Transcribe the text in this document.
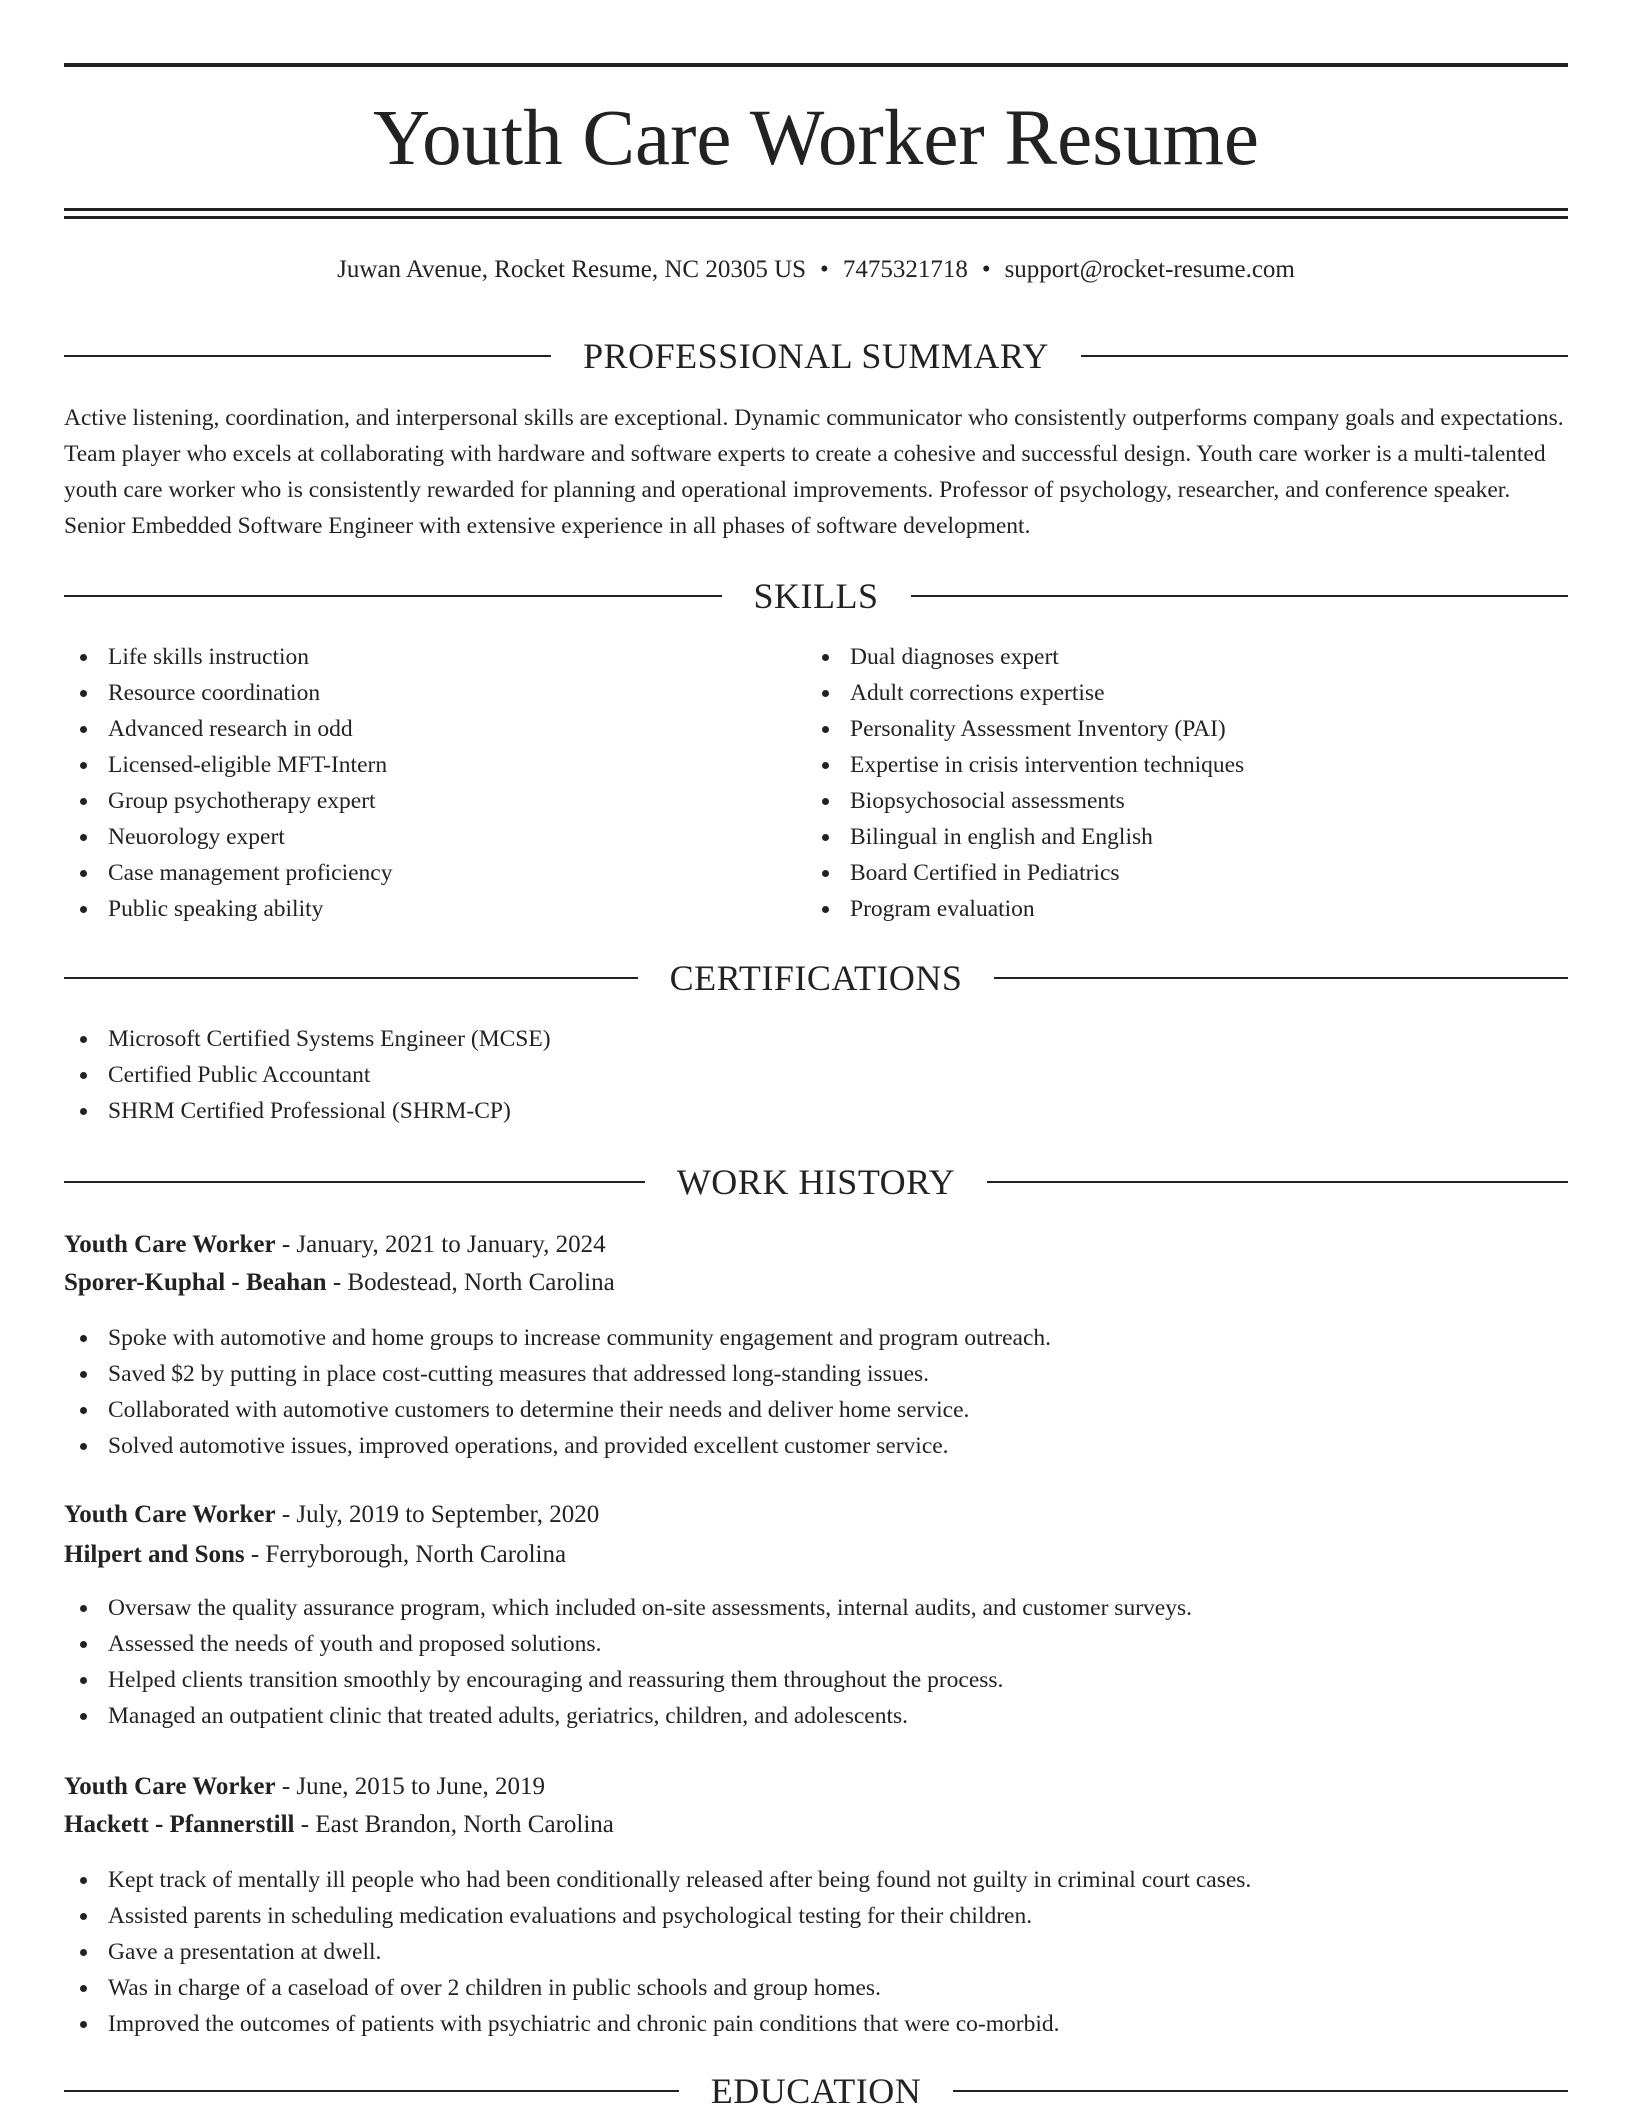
Youth Care Worker Resume
Juwan Avenue, Rocket Resume, NC 20305 US • 7475321718 • support@rocket-resume.com
PROFESSIONAL SUMMARY

Active listening, coordination, and interpersonal skills are exceptional. Dynamic communicator who consistently outperforms company goals and expectations. Team player who excels at collaborating with hardware and software experts to create a cohesive and successful design. Youth care worker is a multi-talented youth care worker who is consistently rewarded for planning and operational improvements. Professor of psychology, researcher, and conference speaker. Senior Embedded Software Engineer with extensive experience in all phases of software development.

SKILLS
Life skills instruction
Resource coordination
Advanced research in odd
Licensed-eligible MFT-Intern
Group psychotherapy expert
Neuorology expert
Case management proficiency
Public speaking ability
Dual diagnoses expert
Adult corrections expertise
Personality Assessment Inventory (PAI)
Expertise in crisis intervention techniques
Biopsychosocial assessments
Bilingual in english and English
Board Certified in Pediatrics
Program evaluation
CERTIFICATIONS
Microsoft Certified Systems Engineer (MCSE)
Certified Public Accountant
SHRM Certified Professional (SHRM-CP)
WORK HISTORY
Youth Care Worker - January, 2021 to January, 2024
Sporer-Kuphal - Beahan - Bodestead, North Carolina
Spoke with automotive and home groups to increase community engagement and program outreach.
Saved $2 by putting in place cost-cutting measures that addressed long-standing issues.
Collaborated with automotive customers to determine their needs and deliver home service.
Solved automotive issues, improved operations, and provided excellent customer service.
Youth Care Worker - July, 2019 to September, 2020
Hilpert and Sons - Ferryborough, North Carolina
Oversaw the quality assurance program, which included on-site assessments, internal audits, and customer surveys.
Assessed the needs of youth and proposed solutions.
Helped clients transition smoothly by encouraging and reassuring them throughout the process.
Managed an outpatient clinic that treated adults, geriatrics, children, and adolescents.
Youth Care Worker - June, 2015 to June, 2019
Hackett - Pfannerstill - East Brandon, North Carolina
Kept track of mentally ill people who had been conditionally released after being found not guilty in criminal court cases.
Assisted parents in scheduling medication evaluations and psychological testing for their children.
Gave a presentation at dwell.
Was in charge of a caseload of over 2 children in public schools and group homes.
Improved the outcomes of patients with psychiatric and chronic pain conditions that were co-morbid.
EDUCATION
